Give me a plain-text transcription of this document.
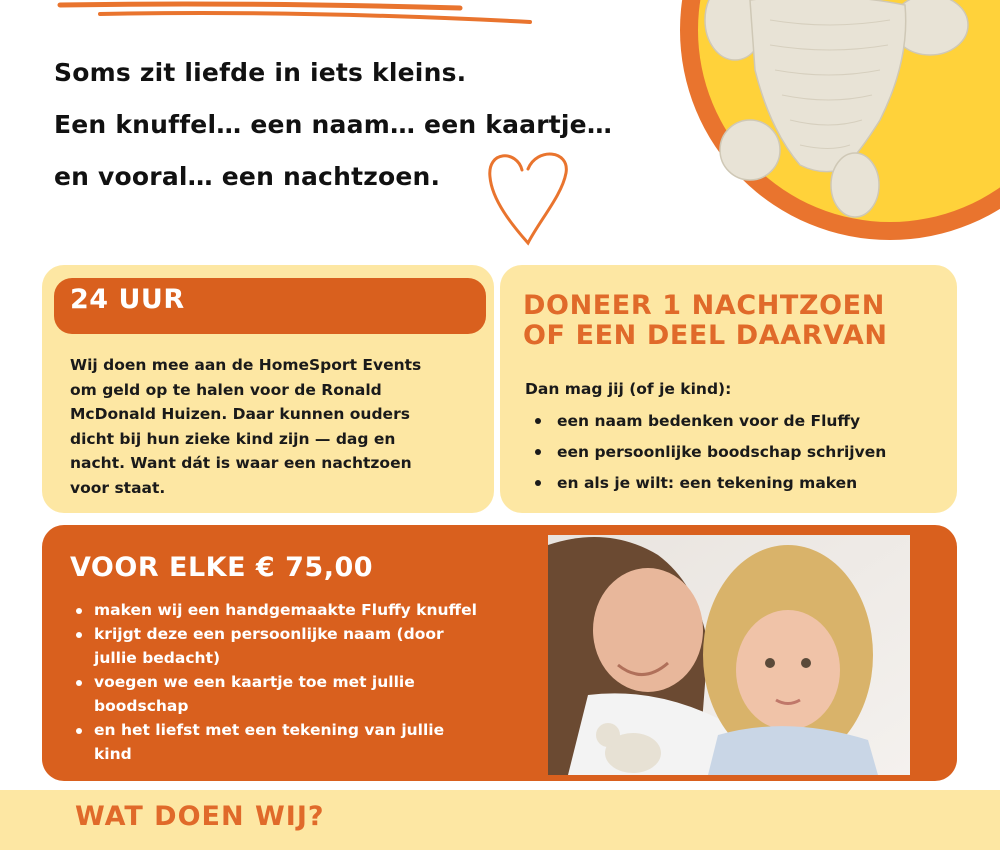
Soms zit liefde in iets kleins.
Een knuffel… een naam… een kaartje…
en vooral… een nachtzoen.
24 UUR
Wij doen mee aan de HomeSport Events
om geld op te halen voor de Ronald
McDonald Huizen. Daar kunnen ouders
dicht bij hun zieke kind zijn — dag en
nacht. Want dát is waar een nachtzoen
voor staat.
DONEER 1 NACHTZOEN
OF EEN DEEL DAARVAN
Dan mag jij (of je kind):
een naam bedenken voor de Fluffy
een persoonlijke boodschap schrijven
en als je wilt: een tekening maken
VOOR ELKE € 75,00
maken wij een handgemaakte Fluffy knuffel
krijgt deze een persoonlijke naam (door
jullie bedacht)
voegen we een kaartje toe met jullie
boodschap
en het liefst met een tekening van jullie
kind
WAT DOEN WIJ?
